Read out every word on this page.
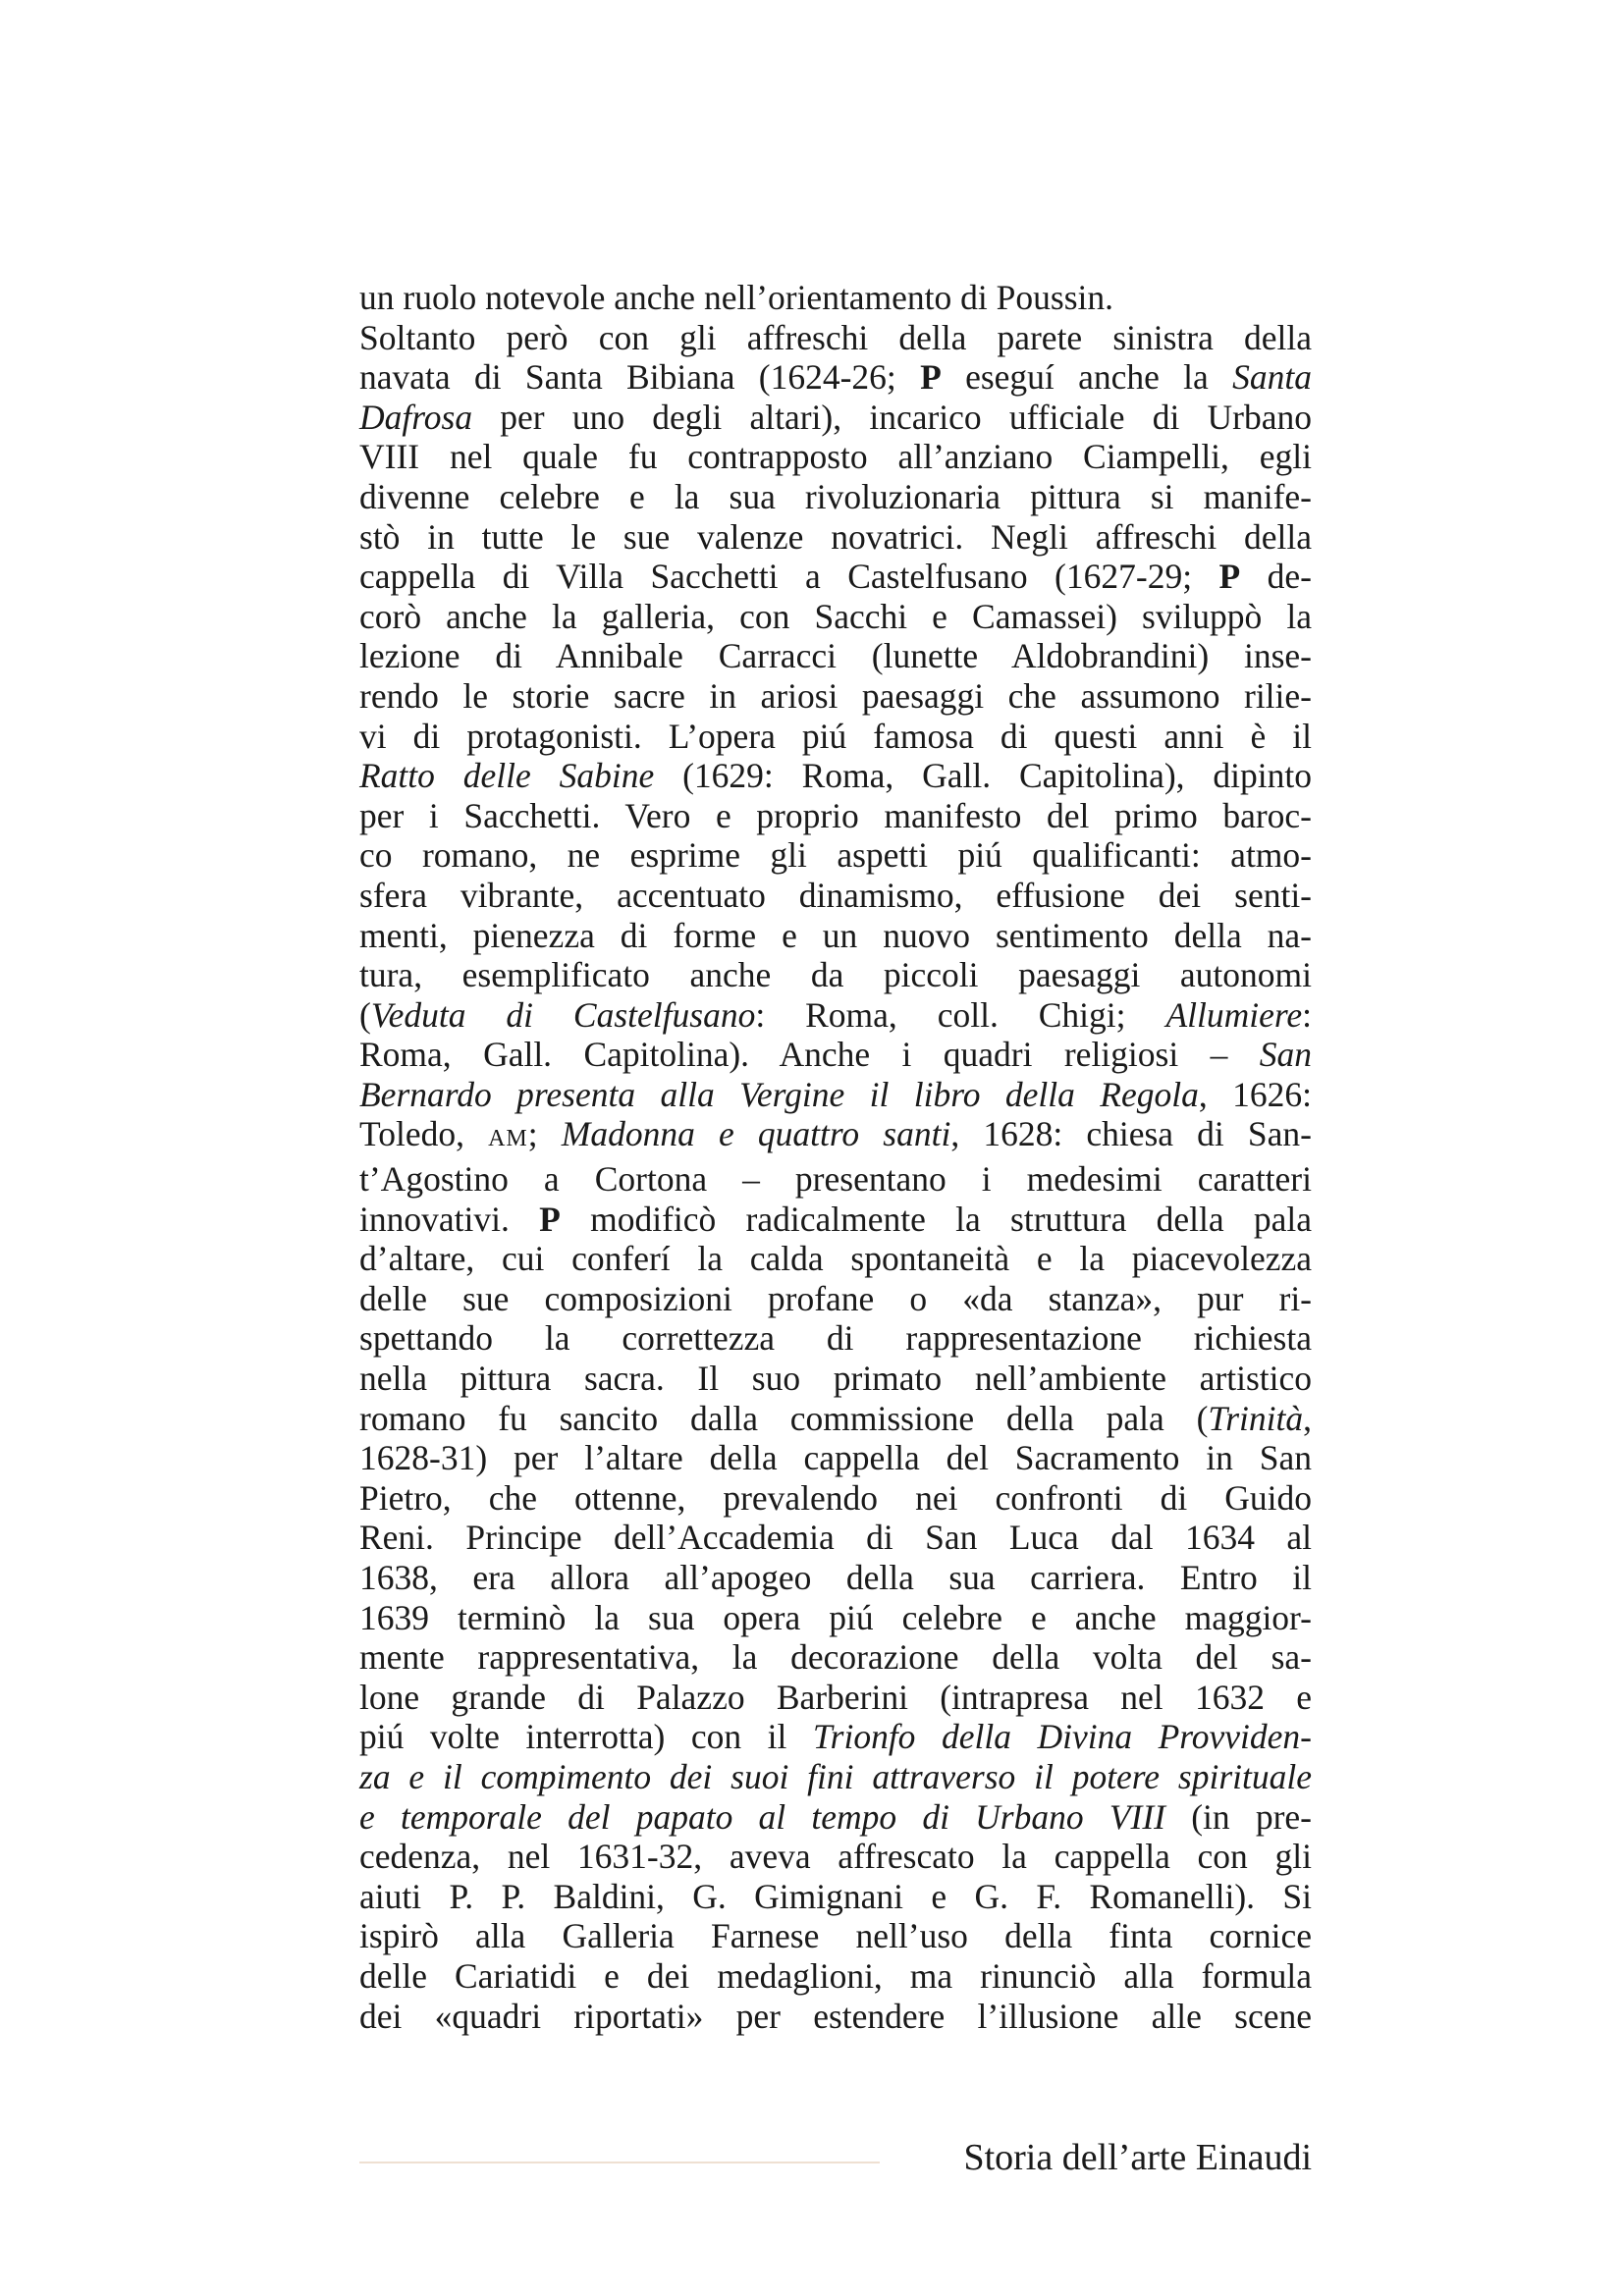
un ruolo notevole anche nell’orientamento di Poussin.
Soltanto però con gli affreschi della parete sinistra della
navata di Santa Bibiana (1624-26; P eseguí anche la Santa
Dafrosa per uno degli altari), incarico ufficiale di Urbano
VIII nel quale fu contrapposto all’anziano Ciampelli, egli
divenne celebre e la sua rivoluzionaria pittura si manife-
stò in tutte le sue valenze novatrici. Negli affreschi della
cappella di Villa Sacchetti a Castelfusano (1627-29; P de-
corò anche la galleria, con Sacchi e Camassei) sviluppò la
lezione di Annibale Carracci (lunette Aldobrandini) inse-
rendo le storie sacre in ariosi paesaggi che assumono rilie-
vi di protagonisti. L’opera piú famosa di questi anni è il
Ratto delle Sabine (1629: Roma, Gall. Capitolina), dipinto
per i Sacchetti. Vero e proprio manifesto del primo baroc-
co romano, ne esprime gli aspetti piú qualificanti: atmo-
sfera vibrante, accentuato dinamismo, effusione dei senti-
menti, pienezza di forme e un nuovo sentimento della na-
tura, esemplificato anche da piccoli paesaggi autonomi
(Veduta di Castelfusano: Roma, coll. Chigi; Allumiere:
Roma, Gall. Capitolina). Anche i quadri religiosi – San
Bernardo presenta alla Vergine il libro della Regola, 1626:
Toledo, AM; Madonna e quattro santi, 1628: chiesa di San-
t’Agostino a Cortona – presentano i medesimi caratteri
innovativi. P modificò radicalmente la struttura della pala
d’altare, cui conferí la calda spontaneità e la piacevolezza
delle sue composizioni profane o «da stanza», pur ri-
spettando la correttezza di rappresentazione richiesta
nella pittura sacra. Il suo primato nell’ambiente artistico
romano fu sancito dalla commissione della pala (Trinità,
1628-31) per l’altare della cappella del Sacramento in San
Pietro, che ottenne, prevalendo nei confronti di Guido
Reni. Principe dell’Accademia di San Luca dal 1634 al
1638, era allora all’apogeo della sua carriera. Entro il
1639 terminò la sua opera piú celebre e anche maggior-
mente rappresentativa, la decorazione della volta del sa-
lone grande di Palazzo Barberini (intrapresa nel 1632 e
piú volte interrotta) con il Trionfo della Divina Provviden-
za e il compimento dei suoi fini attraverso il potere spirituale
e temporale del papato al tempo di Urbano VIII (in pre-
cedenza, nel 1631-32, aveva affrescato la cappella con gli
aiuti P. P. Baldini, G. Gimignani e G. F. Romanelli). Si
ispirò alla Galleria Farnese nell’uso della finta cornice
delle Cariatidi e dei medaglioni, ma rinunciò alla formula
dei «quadri riportati» per estendere l’illusione alle scene
Storia dell’arte Einaudi
